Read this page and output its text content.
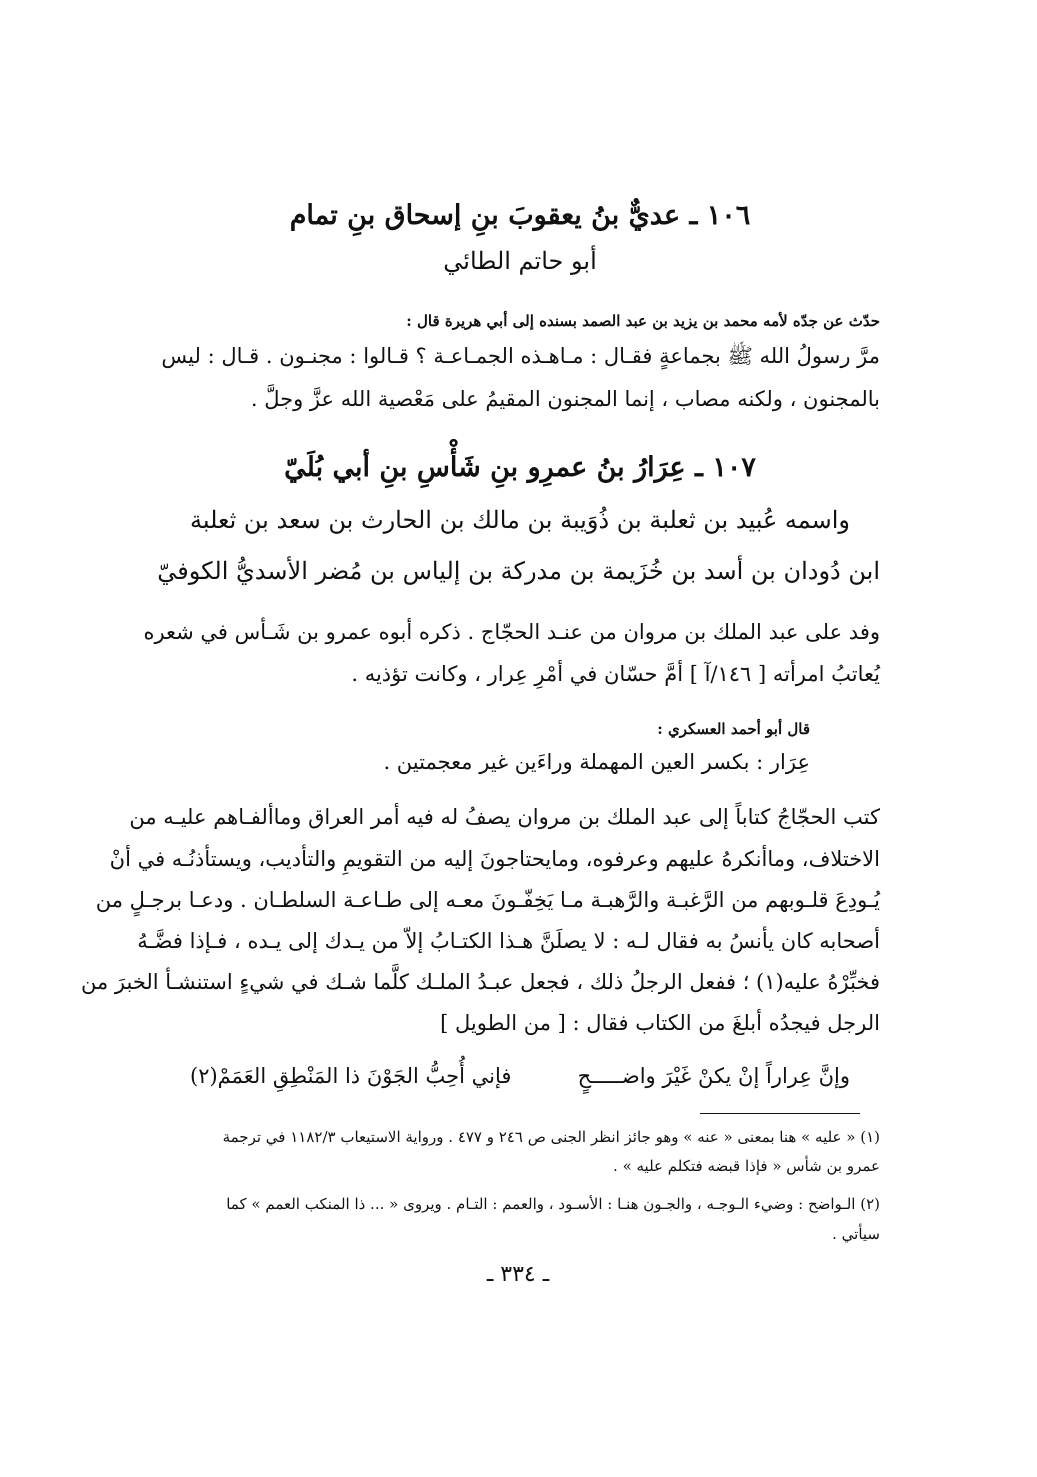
١٠٦ ـ عديٌّ بنُ يعقوبَ بنِ إسحاق بنِ تمام
أبو حاتم الطائي
حدّث عن جدّه لأمه محمد بن يزيد بن عبد الصمد بسنده إلى أبي هريرة قال :
مرَّ رسولُ الله ﷺ بجماعةٍ فقـال : مـاهـذه الجمـاعـة ؟ قـالوا : مجنـون . قـال : ليس
بالمجنون ، ولكنه مصاب ، إنما المجنون المقيمُ على مَعْصية الله عزَّ وجلَّ .
١٠٧ ـ عِرَارُ بنُ عمرِو بنِ شَأْسِ بنِ أبي بُلَيّ
واسمه عُبيد بن ثعلبة بن ذُوَيبة بن مالك بن الحارث بن سعد بن ثعلبة
ابن دُودان بن أسد بن خُزَيمة بن مدركة بن إلياس بن مُضر الأسديُّ الكوفيّ
وفد على عبد الملك بن مروان من عنـد الحجّاج . ذكره أبوه عمرو بن شَـأس في شعره
يُعاتبُ امرأته [ ١٤٦/آ ] أمَّ حسّان في أمْرِ عِرار ، وكانت تؤذيه .
قال أبو أحمد العسكري :
عِرَار : بكسر العين المهملة وراءَين غير معجمتين .
كتب الحجّاجُ كتاباً إلى عبد الملك بن مروان يصفُ له فيه أمر العراق وماألفـاهم عليـه من
الاختلاف، وماأنكرهُ عليهم وعرفوه، ومايحتاجونَ إليه من التقويمِ والتأديب، ويستأذنُـه في أنْ
يُـودِعَ قلـوبهم من الرَّغبـة والرَّهبـة مـا يَخِفّـونَ معـه إلى طـاعـة السلطـان . ودعـا برجـلٍ من
أصحابه كان يأنسُ به فقال لـه : لا يصلَنَّ هـذا الكتـابُ إلاّ من يـدك إلى يـده ، فـإذا فضَّـهُ
فخبِّرْهُ عليه(١) ؛ ففعل الرجلُ ذلك ، فجعل عبـدُ الملـك كلَّما شـك في شيءٍ استنشـأ الخبرَ من
الرجل فيجدُه أبلغَ من الكتاب فقال : [ من الطويل ]
وإنَّ عِراراً إنْ يكنْ غَيْرَ واضـــــحٍ
فإني أُحِبُّ الجَوْنَ ذا المَنْطِقِ العَمَمْ(٢)
(١) « عليه » هنا بمعنى « عنه » وهو جائز انظر الجنى ص ٢٤٦ و ٤٧٧ . ورواية الاستيعاب ١١٨٢/٣ في ترجمة
عمرو بن شأس « فإذا قبضه فتكلم عليه » .
(٢) الـواضح : وضيء الـوجـه ، والجـون هنـا : الأسـود ، والعمم : التـام . ويروى « ... ذا المنكب العمم » كما
سيأتي .
ـ ٣٣٤ ـ
